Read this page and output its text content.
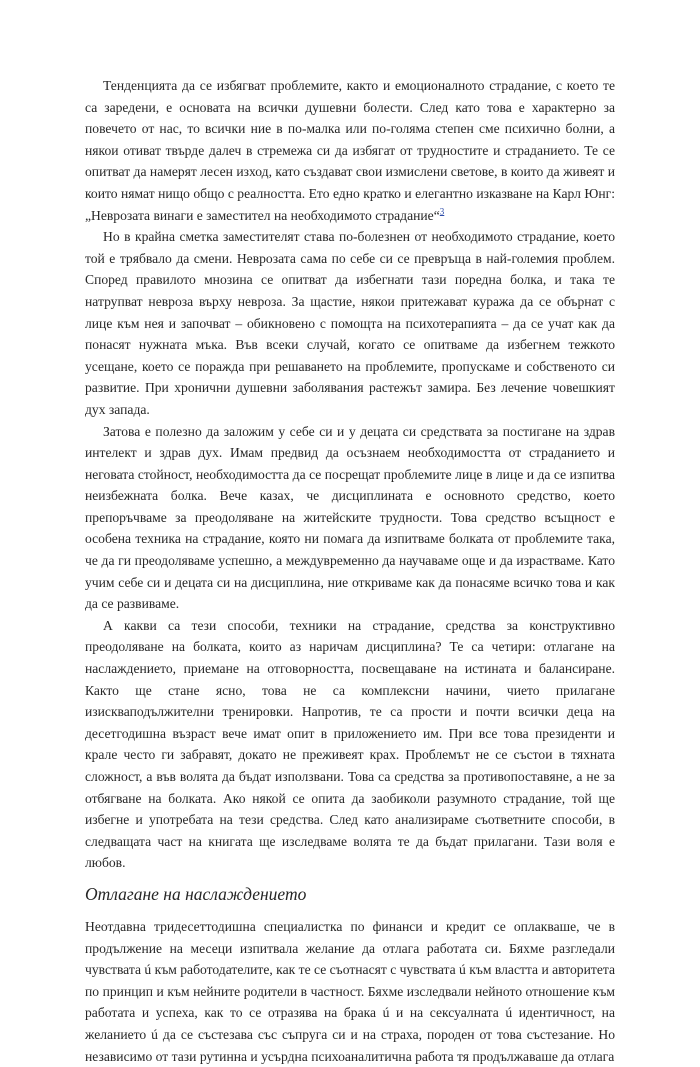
Тенденцията да се избягват проблемите, както и емоционалното страдание, с което те са заредени, е основата на всички душевни болести. След като това е характерно за повечето от нас, то всички ние в по-малка или по-голяма степен сме психично болни, а някои отиват твърде далеч в стремежа си да избягат от трудностите и страданието. Те се опитват да намерят лесен изход, като създават свои измислени светове, в които да живеят и които нямат нищо общо с реалността. Ето едно кратко и елегантно изказване на Карл Юнг: „Неврозата винаги е заместител на необходимото страдание“$^3$

Но в крайна сметка заместителят става по-болезнен от необходимото страдание, което той е трябвало да смени. Неврозата сама по себе си се превръща в най-големия проблем. Според правилото мнозина се опитват да избегнати тази поредна болка, и така те натрупват невроза върху невроза. За щастие, някои притежават куража да се обърнат с лице към нея и започват – обикновено с помощта на психотерапията – да се учат как да понасят нужната мъка. Във всеки случай, когато се опитваме да избегнем тежкото усещане, което се поражда при решаването на проблемите, пропускаме и собственото си развитие. При хронични душевни заболявания растежът замира. Без лечение човешкият дух запада.

Затова е полезно да заложим у себе си и у децата си средствата за постигане на здрав интелект и здрав дух. Имам предвид да осъзнаем необходимостта от страданието и неговата стойност, необходимостта да се посрещат проблемите лице в лице и да се изпитва неизбежната болка. Вече казах, че дисциплината е основното средство, което препоръчваме за преодоляване на житейските трудности. Това средство всъщност е особена техника на страдание, която ни помага да изпитваме болката от проблемите така, че да ги преодоляваме успешно, а междувременно да научаваме още и да израстваме. Като учим себе си и децата си на дисциплина, ние откриваме как да понасяме всичко това и как да се развиваме.

А какви са тези способи, техники на страдание, средства за конструктивно преодоляване на болката, които аз наричам дисциплина? Те са четири: отлагане на наслаждението, приемане на отговорността, посвещаване на истината и балансиране. Както ще стане ясно, това не са комплексни начини, чието прилагане изискваподължителни тренировки. Напротив, те са прости и почти всички деца на десетгодишна възраст вече имат опит в приложението им. При все това президенти и крале често ги забравят, докато не преживеят крах. Проблемът не се състои в тяхната сложност, а във волята да бъдат използвани. Това са средства за противопоставяне, а не за отбягване на болката. Ако някой се опита да заобиколи разумното страдание, той ще избегне и употребата на тези средства. След като анализираме съответните способи, в следващата част на книгата ще изследваме волята те да бъдат прилагани. Тази воля е любов.

Отлагане на наслаждението

Неотдавна тридесеттодишна специалистка по финанси и кредит се оплакваше, че в продължение на месеци изпитвала желание да отлага работата си. Бяхме разгледали чувствата ú към работодателите, как те се съотнасят с чувствата ú към властта и авторитета по принцип и към нейните родители в частност. Бяхме изследвали нейното отношение към работата и успеха, как то се отразява на брака ú и на сексуалната ú идентичност, на желанието ú да се състезава със съпруга си и на страха, породен от това състезание. Но независимо от тази рутинна и усърдна психоаналитична работа тя продължаваше да отлага
